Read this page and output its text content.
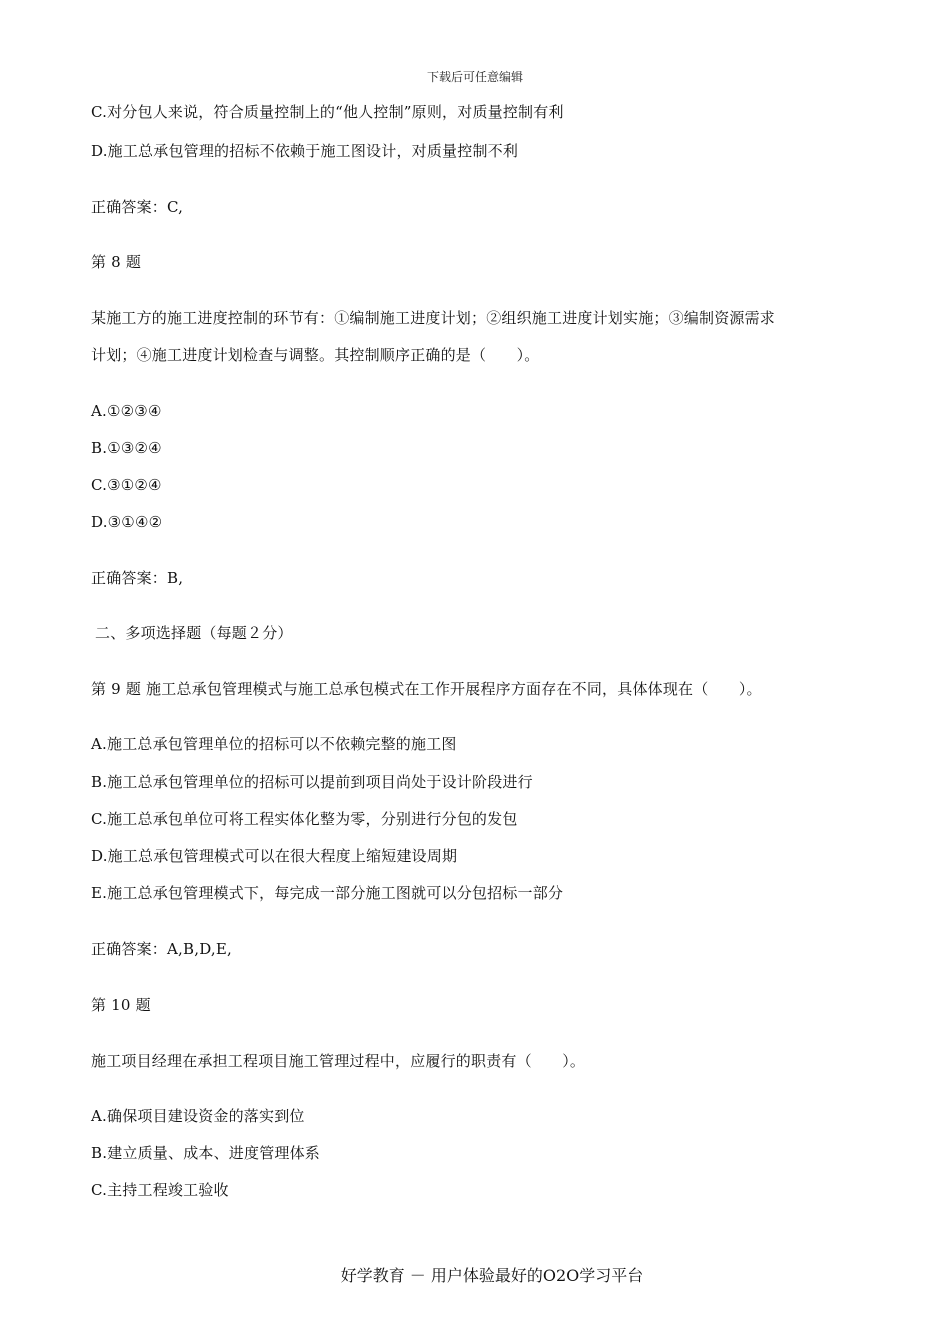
下载后可任意编辑
C.对分包人来说，符合质量控制上的“他人控制”原则，对质量控制有利
D.施工总承包管理的招标不依赖于施工图设计，对质量控制不利
正确答案：C,
第 8 题
某施工方的施工进度控制的环节有：①编制施工进度计划；②组织施工进度计划实施；③编制资源需求
计划；④施工进度计划检查与调整。其控制顺序正确的是（　　）。
A.①②③④
B.①③②④
C.③①②④
D.③①④②
正确答案：B,
二、多项选择题（每题２分）
第 9 题 施工总承包管理模式与施工总承包模式在工作开展程序方面存在不同，具体体现在（　　）。
A.施工总承包管理单位的招标可以不依赖完整的施工图
B.施工总承包管理单位的招标可以提前到项目尚处于设计阶段进行
C.施工总承包单位可将工程实体化整为零，分别进行分包的发包
D.施工总承包管理模式可以在很大程度上缩短建设周期
E.施工总承包管理模式下，每完成一部分施工图就可以分包招标一部分
正确答案：A,B,D,E,
第 10 题
施工项目经理在承担工程项目施工管理过程中，应履行的职责有（　　）。
A.确保项目建设资金的落实到位
B.建立质量、成本、进度管理体系
C.主持工程竣工验收
好学教育 － 用户体验最好的O2O学习平台
